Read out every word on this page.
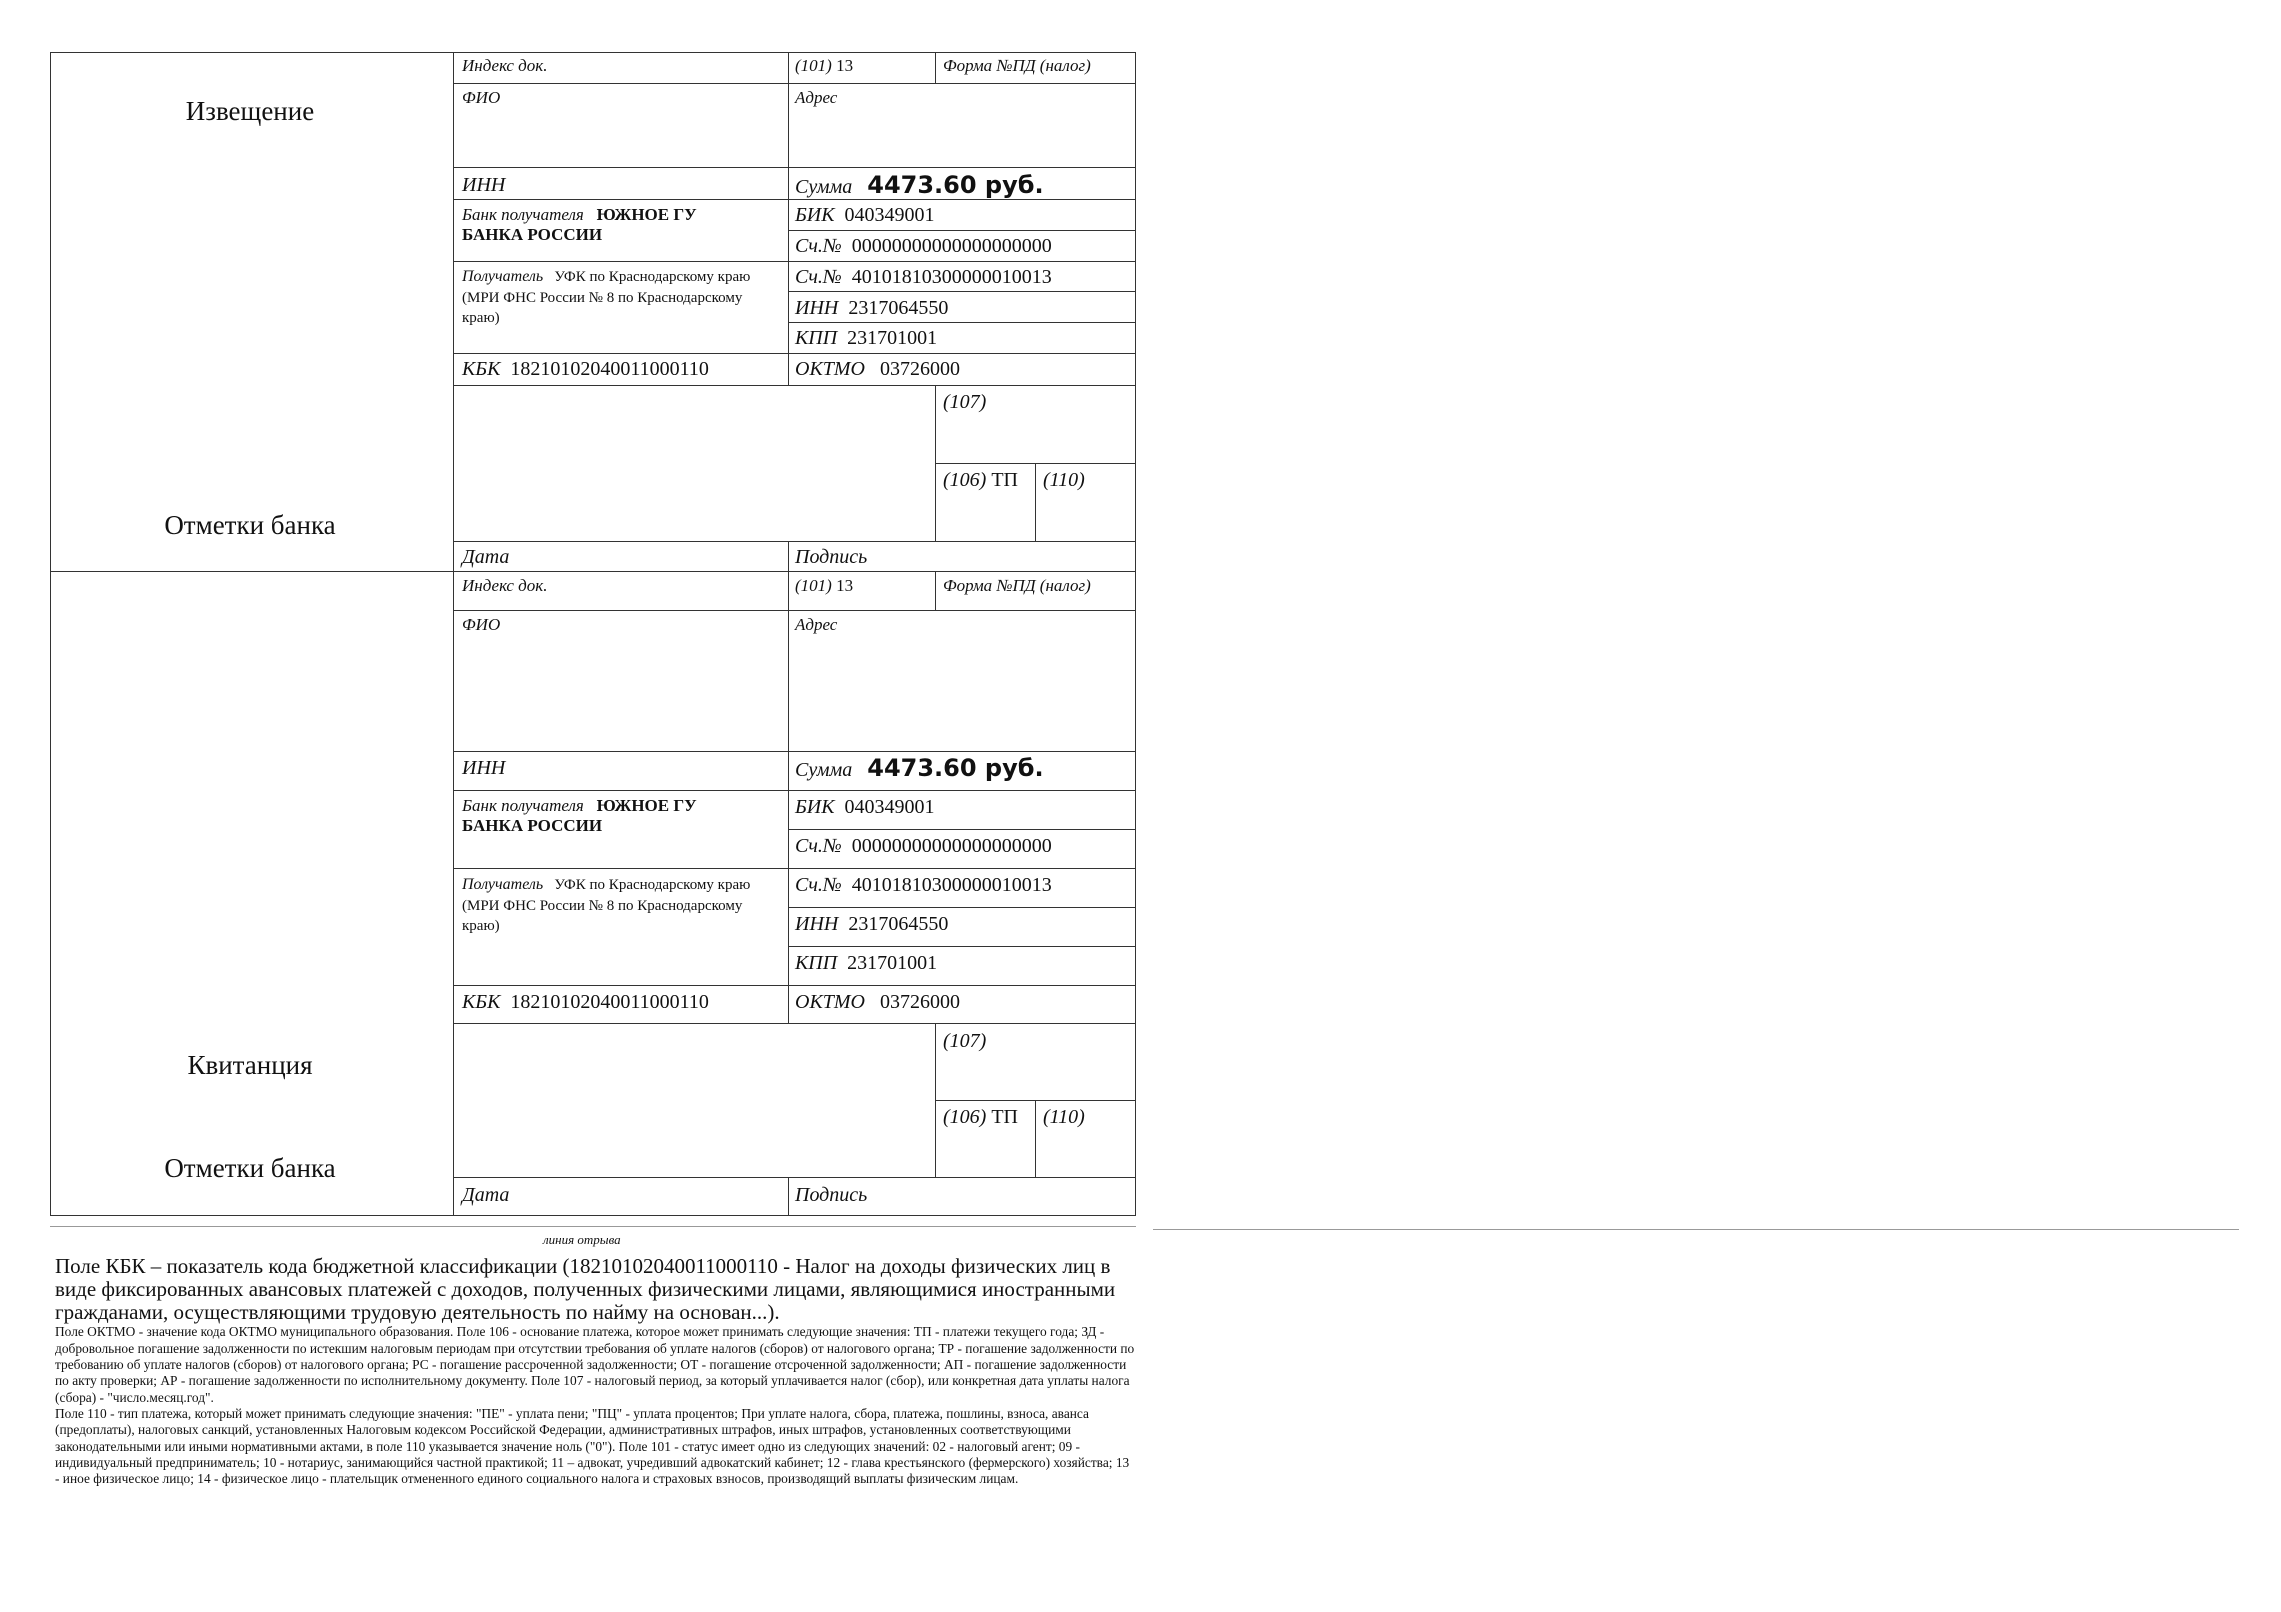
Извещение
Отметки банка
Индекс док.	(101) 13	Форма №ПД (налог)
ФИО	Адрес
ИНН	Сумма 4473.60 руб.
Банк получателя ЮЖНОЕ ГУ
БАНКА РОССИИ
БИК 040349001
Сч.№ 00000000000000000000
Получатель УФК по Краснодарскому краю (МРИ ФНС России № 8 по Краснодарскому краю)
Сч.№ 40101810300000010013
ИНН 2317064550
КПП 231701001
КБК 18210102040011000110	ОКТМО 03726000
(107)
(106) ТП (110)
Дата	Подпись
Квитанция
Отметки банка
Индекс док.	(101) 13	Форма №ПД (налог)
ФИО	Адрес
ИНН	Сумма 4473.60 руб.
Банк получателя ЮЖНОЕ ГУ
БАНКА РОССИИ
БИК 040349001
Сч.№ 00000000000000000000
Получатель УФК по Краснодарскому краю (МРИ ФНС России № 8 по Краснодарскому краю)
Сч.№ 40101810300000010013
ИНН 2317064550
КПП 231701001
КБК 18210102040011000110	ОКТМО 03726000
(107)
(106) ТП (110)
Дата	Подпись
линия отрыва

Поле КБК – показатель кода бюджетной классификации (18210102040011000110 - Налог на доходы физических лиц в виде фиксированных авансовых платежей с доходов, полученных физическими лицами, являющимися иностранными гражданами, осуществляющими трудовую деятельность по найму на основан...).

Поле ОКТМО - значение кода ОКТМО муниципального образования. Поле 106 - основание платежа, которое может принимать следующие значения: ТП - платежи текущего года; ЗД - добровольное погашение задолженности по истекшим налоговым периодам при отсутствии требования об уплате налогов (сборов) от налогового органа; ТР - погашение задолженности по требованию об уплате налогов (сборов) от налогового органа; РС - погашение рассроченной задолженности; ОТ - погашение отсроченной задолженности; АП - погашение задолженности по акту проверки; АР - погашение задолженности по исполнительному документу. Поле 107 - налоговый период, за который уплачивается налог (сбор), или конкретная дата уплаты налога (сбора) - "число.месяц.год".

Поле 110 - тип платежа, который может принимать следующие значения: "ПЕ" - уплата пени; "ПЦ" - уплата процентов; При уплате налога, сбора, платежа, пошлины, взноса, аванса (предоплаты), налоговых санкций, установленных Налоговым кодексом Российской Федерации, административных штрафов, иных штрафов, установленных соответствующими законодательными или иными нормативными актами, в поле 110 указывается значение ноль ("0"). Поле 101 - статус имеет одно из следующих значений: 02 - налоговый агент; 09 - индивидуальный предприниматель; 10 - нотариус, занимающийся частной практикой; 11 – адвокат, учредивший адвокатский кабинет; 12 - глава крестьянского (фермерского) хозяйства; 13 - иное физическое лицо; 14 - физическое лицо - плательщик отмененного единого социального налога и страховых взносов, производящий выплаты физическим лицам.
